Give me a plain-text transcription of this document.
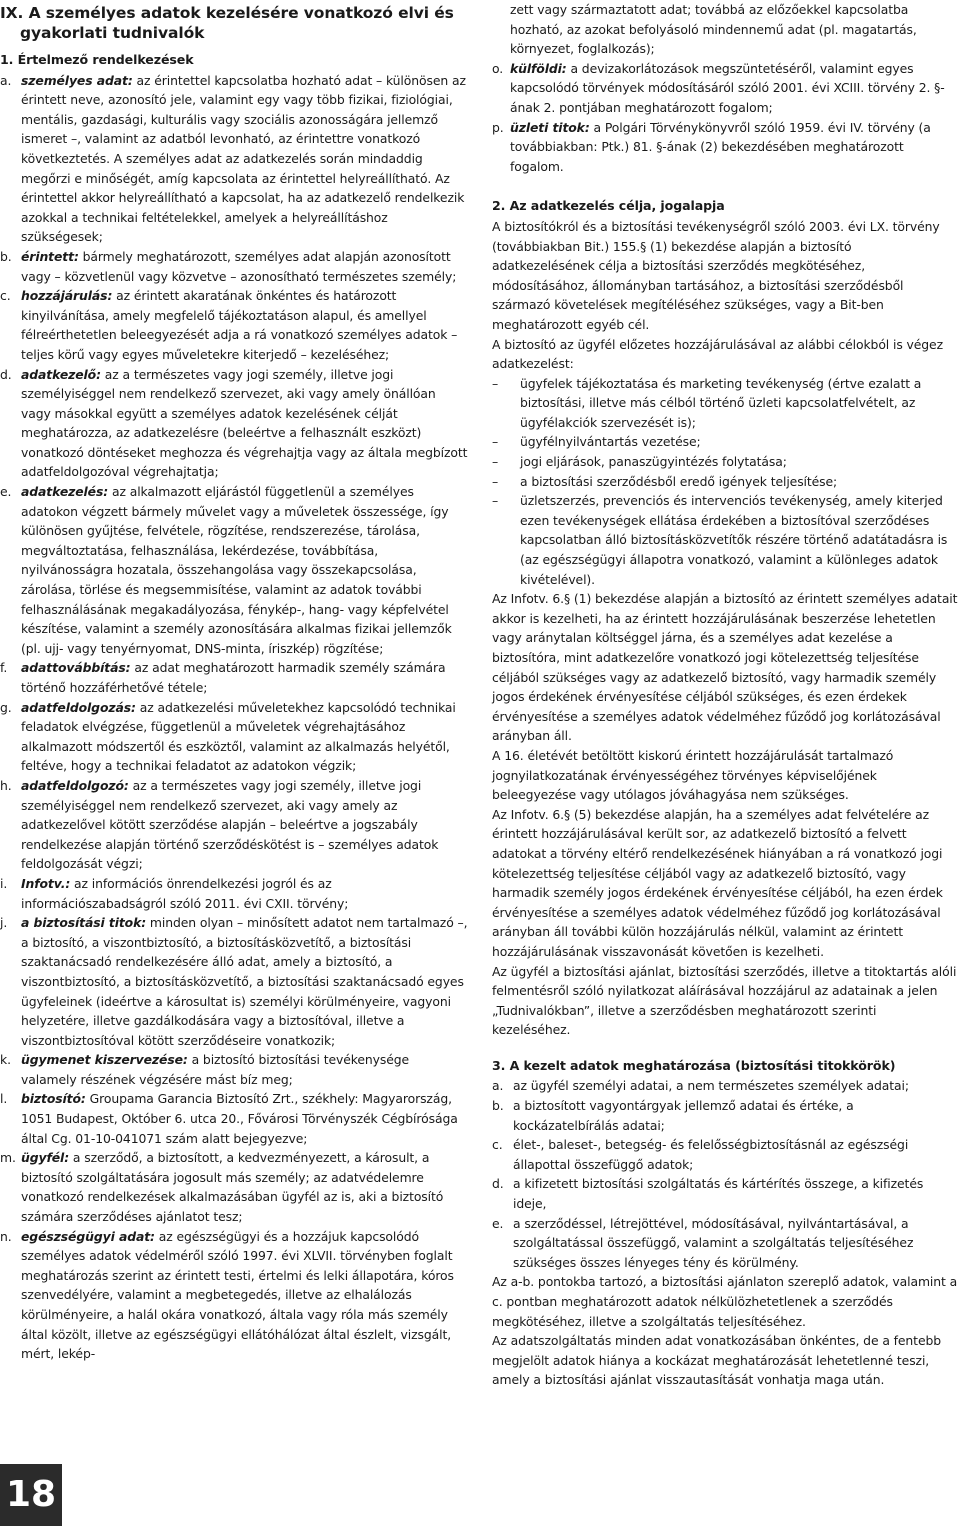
IX. A személyes adatok kezelésére vonatkozó elvi és gyakorlati tudnivalók
1. Értelmező rendelkezések
a. személyes adat: az érintettel kapcsolatba hozható adat – különösen az érintett neve, azonosító jele, valamint egy vagy több fizikai, fiziológiai, mentális, gazdasági, kulturális vagy szociális azonosságára jellemző ismeret –, valamint az adatból levonható, az érintettre vonatkozó következtetés. A személyes adat az adatkezelés során mindaddig megőrzi e minőségét, amíg kapcsolata az érintettel helyreállítható. Az érintettel akkor helyreállítható a kapcsolat, ha az adatkezelő rendelkezik azokkal a technikai feltételekkel, amelyek a helyreállításhoz szükségesek;
b. érintett: bármely meghatározott, személyes adat alapján azonosított vagy – közvetlenül vagy közvetve – azonosítható természetes személy;
c. hozzájárulás: az érintett akaratának önkéntes és határozott kinyilvánítása, amely megfelelő tájékoztatáson alapul, és amellyel félreérthetetlen beleegyezését adja a rá vonatkozó személyes adatok – teljes körű vagy egyes műveletekre kiterjedő – kezeléséhez;
d. adatkezelő: az a természetes vagy jogi személy, illetve jogi személyiséggel nem rendelkező szervezet, aki vagy amely önállóan vagy másokkal együtt a személyes adatok kezelésének célját meghatározza, az adatkezelésre (beleértve a felhasznált eszközt) vonatkozó döntéseket meghozza és végrehajtja vagy az általa megbízott adatfeldolgozóval végrehajtatja;
e. adatkezelés: az alkalmazott eljárástól függetlenül a személyes adatokon végzett bármely művelet vagy a műveletek összessége, így különösen gyűjtése, felvétele, rögzítése, rendszerezése, tárolása, megváltoztatása, felhasználása, lekérdezése, továbbítása, nyilvánosságra hozatala, összehangolása vagy összekapcsolása, zárolása, törlése és megsemmisítése, valamint az adatok további felhasználásának megakadályozása, fénykép-, hang- vagy képfelvétel készítése, valamint a személy azonosítására alkalmas fizikai jellemzők (pl. ujj- vagy tenyérnyomat, DNS-minta, íriszkép) rögzítése;
f.	adattovábbítás: az adat meghatározott harmadik személy számára történő hozzáférhetővé tétele;
g. adatfeldolgozás: az adatkezelési műveletekhez kapcsolódó technikai feladatok elvégzése, függetlenül a műveletek végrehajtásához alkalmazott módszertől és eszköztől, valamint az alkalmazás helyétől, feltéve, hogy a technikai feladatot az adatokon végzik;
h. adatfeldolgozó: az a természetes vagy jogi személy, illetve jogi személyiséggel nem rendelkező szervezet, aki vagy amely az adatkezelővel kötött szerződése alapján – beleértve a jogszabály rendelkezése alapján történő szerződéskötést is – személyes adatok feldolgozását végzi;
i.	Infotv.: az információs önrendelkezési jogról és az információszabadságról szóló 2011. évi CXII. törvény;
j.	a biztosítási titok: minden olyan – minősített adatot nem tartalmazó –, a biztosító, a viszontbiztosító, a biztosításközvetítő, a biztosítási szaktanácsadó rendelkezésére álló adat, amely a biztosító, a viszontbiztosító, a biztosításközvetítő, a biztosítási szaktanácsadó egyes ügyfeleinek (ideértve a károsultat is) személyi körülményeire, vagyoni helyzetére, illetve gazdálkodására vagy a biztosítóval, illetve a viszontbiztosítóval kötött szerződéseire vonatkozik;
k. ügymenet kiszervezése: a biztosító biztosítási tevékenysége valamely részének végzésére mást bíz meg;
l.	biztosító: Groupama Garancia Biztosító Zrt., székhely: Magyarország, 1051 Budapest, Október 6. utca 20., Fővárosi Törvényszék Cégbírósága által Cg. 01-10-041071 szám alatt bejegyezve;
m. ügyfél: a szerződő, a biztosított, a kedvezményezett, a károsult, a biztosító szolgáltatására jogosult más személy; az adatvédelemre vonatkozó rendelkezések alkalmazásában ügyfél az is, aki a biztosító számára szerződéses ajánlatot tesz;
n. egészségügyi adat: az egészségügyi és a hozzájuk kapcsolódó személyes adatok védelméről szóló 1997. évi XLVII. törvényben foglalt meghatározás szerint az érintett testi, értelmi és lelki állapotára, kóros szenvedélyére, valamint a megbetegedés, illetve az elhalálozás körülményeire, a halál okára vonatkozó, általa vagy róla más személy által közölt, illetve az egészségügyi ellátóhálózat által észlelt, vizsgált, mért, lekép-
zett vagy származtatott adat; továbbá az előzőekkel kapcsolatba hozható, az azokat befolyásoló mindennemű adat (pl. magatartás, környezet, foglalkozás);
o. külföldi: a devizakorlátozások megszüntetéséről, valamint egyes kapcsolódó törvények módosításáról szóló 2001. évi XCIII. törvény 2. §-ának 2. pontjában meghatározott fogalom;
p. üzleti titok: a Polgári Törvénykönyvről szóló 1959. évi IV. törvény (a továbbiakban: Ptk.) 81. §-ának (2) bekezdésében meghatározott fogalom.
2. Az adatkezelés célja, jogalapja

A biztosítókról és a biztosítási tevékenységről szóló 2003. évi LX. törvény (továbbiakban Bit.) 155.§ (1) bekezdése alapján a biztosító adatkezelésének célja a biztosítási szerződés megkötéséhez, módosításához, állományban tartásához, a biztosítási szerződésből származó követelések megítéléséhez szükséges, vagy a Bit-ben meghatározott egyéb cél.

A biztosító az ügyfél előzetes hozzájárulásával az alábbi célokból is végez adatkezelést:

–	ügyfelek tájékoztatása és marketing tevékenység (értve ezalatt a biztosítási, illetve más célból történő üzleti kapcsolatfelvételt, az ügyfélakciók szervezését is);
–	ügyfélnyilvántartás vezetése;
–	jogi eljárások, panaszügyintézés folytatása;
–	a biztosítási szerződésből eredő igények teljesítése;
–	üzletszerzés, prevenciós és intervenciós tevékenység, amely kiterjed ezen tevékenységek ellátása érdekében a biztosítóval szerződéses kapcsolatban álló biztosításközvetítők részére történő adatátadásra is (az egészségügyi állapotra vonatkozó, valamint a különleges adatok kivételével).

Az Infotv. 6.§ (1) bekezdése alapján a biztosító az érintett személyes adatait akkor is kezelheti, ha az érintett hozzájárulásának beszerzése lehetetlen vagy aránytalan költséggel járna, és a személyes adat kezelése a biztosítóra, mint adatkezelőre vonatkozó jogi kötelezettség teljesítése céljából szükséges vagy az adatkezelő biztosító, vagy harmadik személy jogos érdekének érvényesítése céljából szükséges, és ezen érdekek érvényesítése a személyes adatok védelméhez fűződő jog korlátozásával arányban áll.

A 16. életévét betöltött kiskorú érintett hozzájárulását tartalmazó jognyilatkozatának érvényességéhez törvényes képviselőjének beleegyezése vagy utólagos jóváhagyása nem szükséges.

Az Infotv. 6.§ (5) bekezdése alapján, ha a személyes adat felvételére az érintett hozzájárulásával került sor, az adatkezelő biztosító a felvett adatokat a törvény eltérő rendelkezésének hiányában a rá vonatkozó jogi kötelezettség teljesítése céljából vagy az adatkezelő biztosító, vagy harmadik személy jogos érdekének érvényesítése céljából, ha ezen érdek érvényesítése a személyes adatok védelméhez fűződő jog korlátozásával arányban áll további külön hozzájárulás nélkül, valamint az érintett hozzájárulásának visszavonását követően is kezelheti.

Az ügyfél a biztosítási ajánlat, biztosítási szerződés, illetve a titoktartás alóli felmentésről szóló nyilatkozat aláírásával hozzájárul az adatainak a jelen „Tudnivalókban”, illetve a szerződésben meghatározott szerinti kezeléséhez.

3. A kezelt adatok meghatározása (biztosítási titokkörök)
a. az ügyfél személyi adatai, a nem természetes személyek adatai;
b. a biztosított vagyontárgyak jellemző adatai és értéke, a kockázatelbírálás adatai;
c. élet-, baleset-, betegség- és felelősségbiztosításnál az egészségi állapottal összefüggő adatok;
d. a kifizetett biztosítási szolgáltatás és kártérítés összege, a kifizetés ideje,
e. a szerződéssel, létrejöttével, módosításával, nyilvántartásával, a szolgáltatással összefüggő, valamint a szolgáltatás teljesítéséhez szükséges összes lényeges tény és körülmény.

Az a-b. pontokba tartozó, a biztosítási ajánlaton szereplő adatok, valamint a c. pontban meghatározott adatok nélkülözhetetlenek a szerződés megkötéséhez, illetve a szolgáltatás teljesítéséhez.

Az adatszolgáltatás minden adat vonatkozásában önkéntes, de a fentebb megjelölt adatok hiánya a kockázat meghatározását lehetetlenné teszi, amely a biztosítási ajánlat visszautasítását vonhatja maga után.

18
